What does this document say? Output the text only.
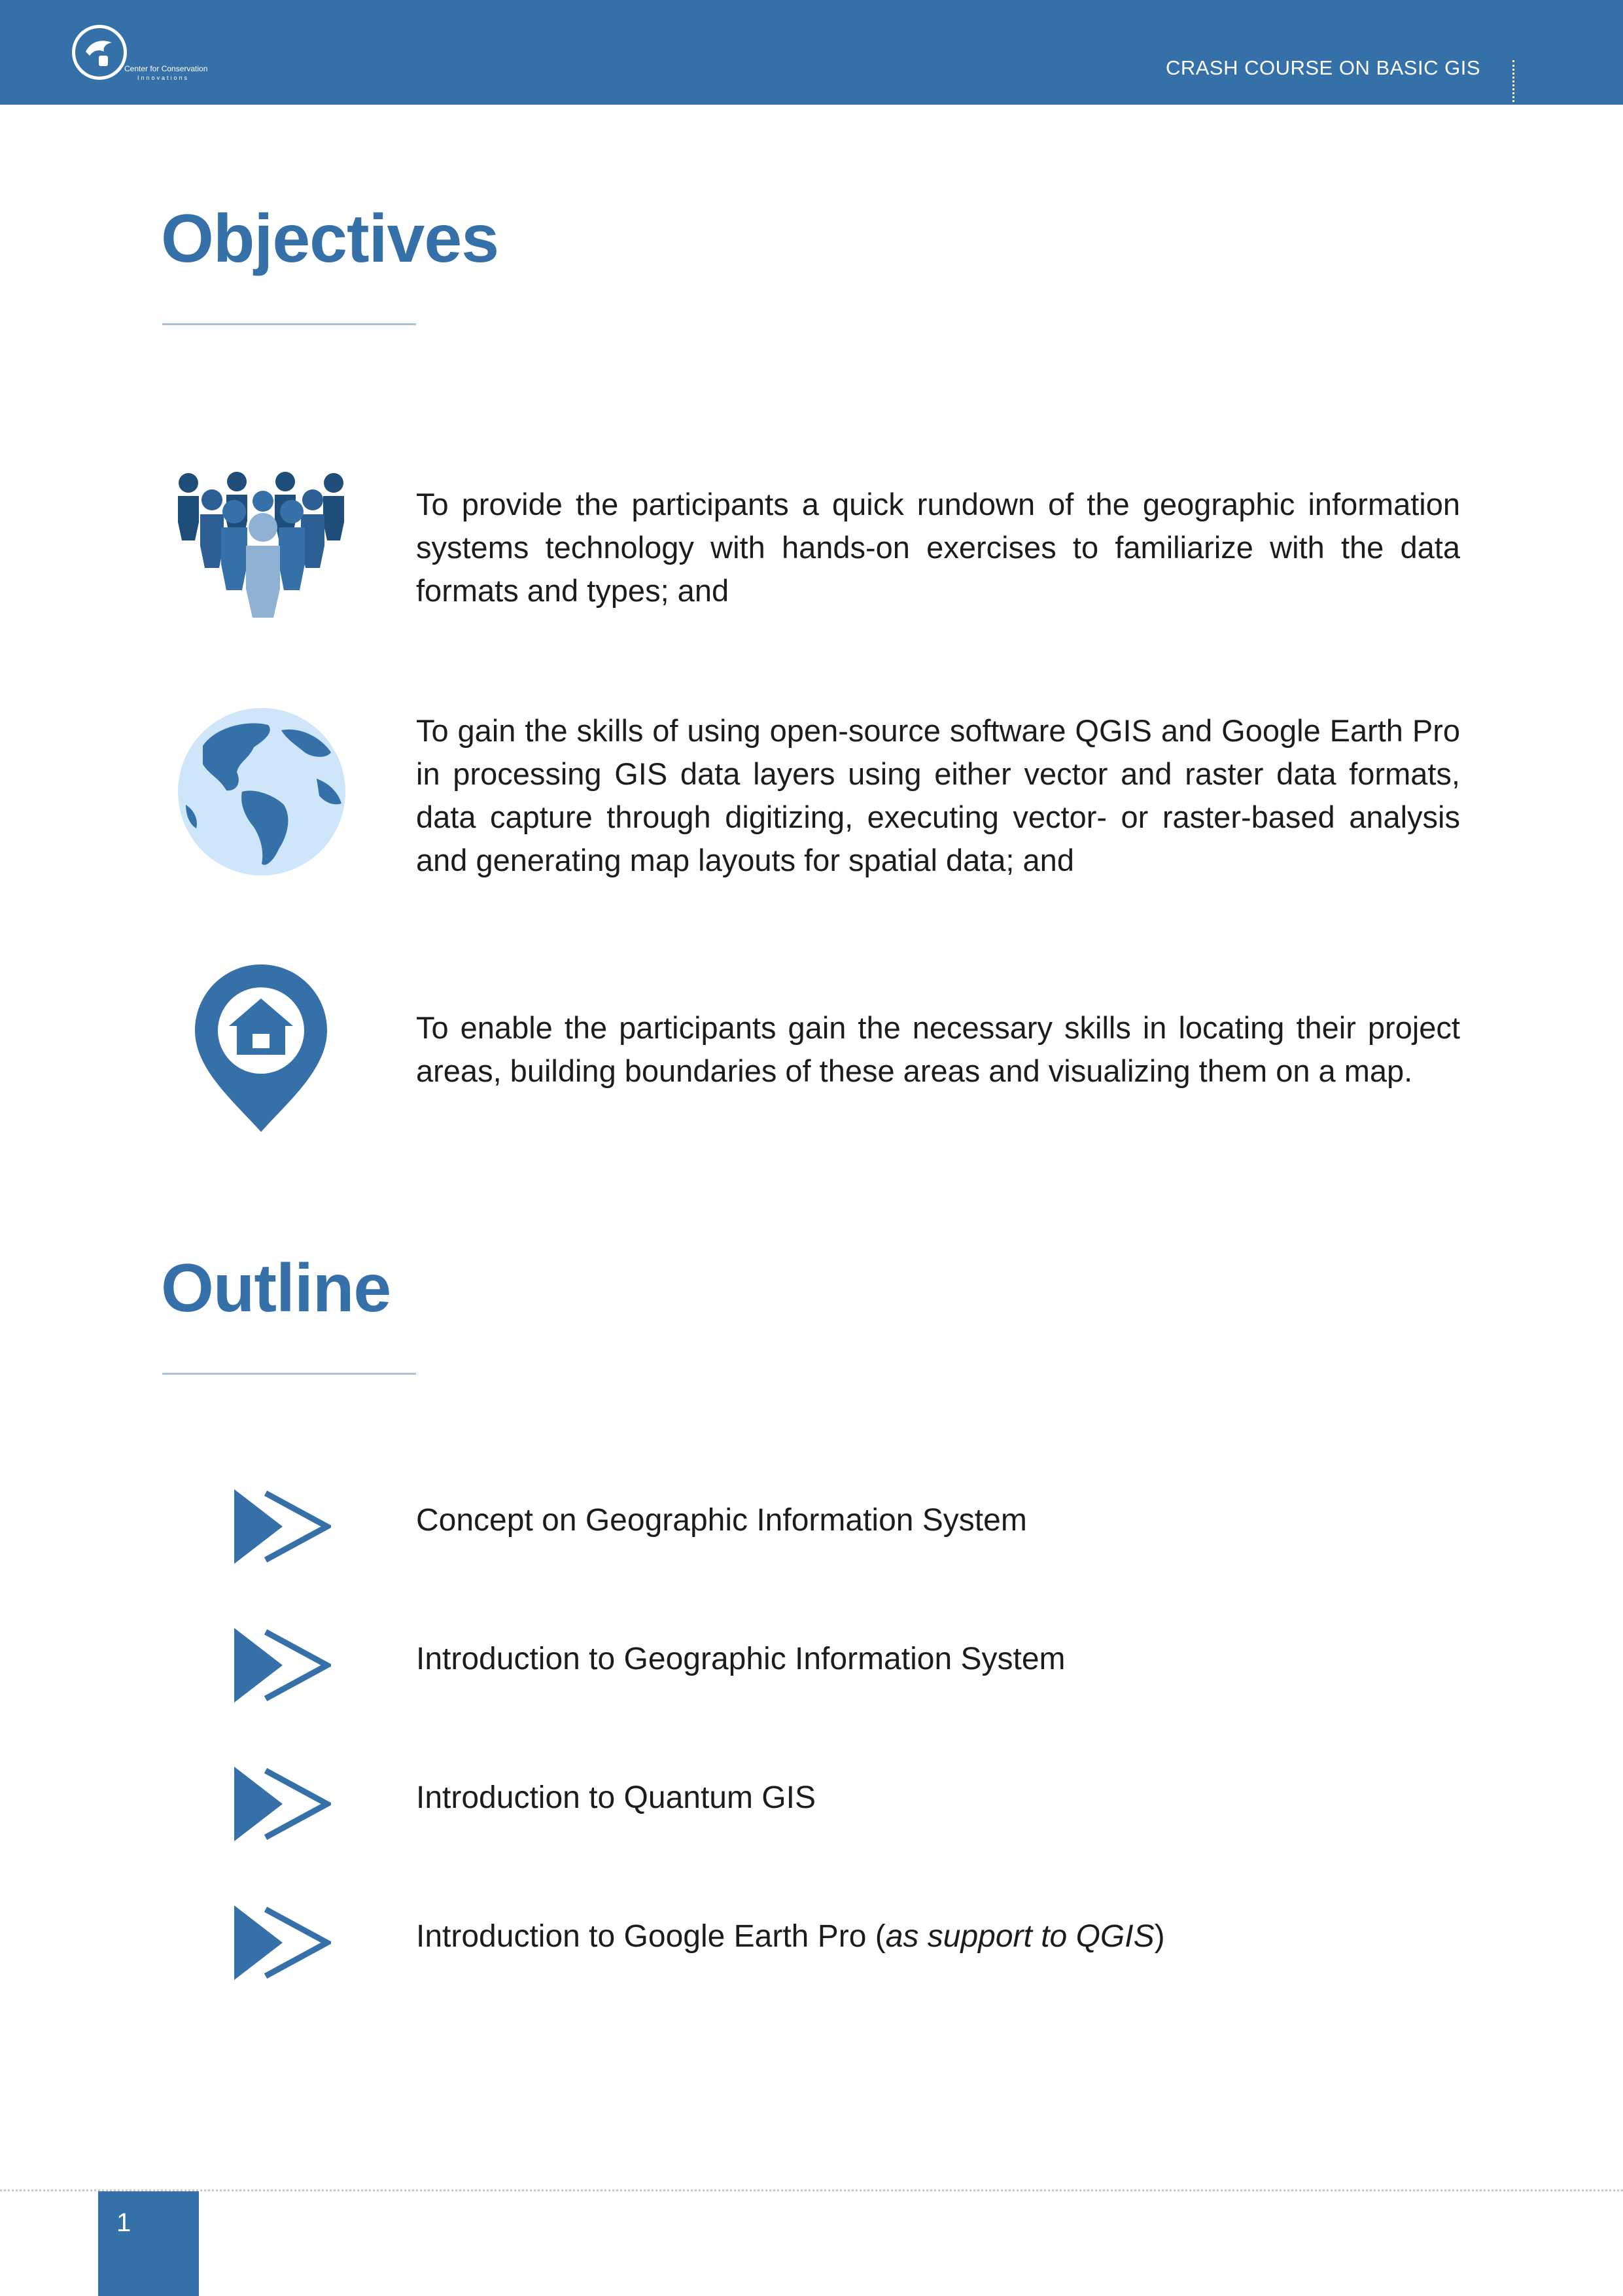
Center for Conservation
Innovations	CRASH COURSE ON BASIC GIS
Objectives
To provide the participants a quick rundown of the geographic information systems technology with hands-on exercises to familiarize with the data formats and types; and
To gain the skills of using open-source software QGIS and Google Earth Pro in processing GIS data layers using either vector and raster data formats, data capture through digitizing, executing vector- or raster-based analysis and generating map layouts for spatial data; and
To enable the participants gain the necessary skills in locating their project areas, building boundaries of these areas and visualizing them on a map.
Outline
Concept on Geographic Information System
Introduction to Geographic Information System
Introduction to Quantum GIS
Introduction to Google Earth Pro (as support to QGIS)
1
